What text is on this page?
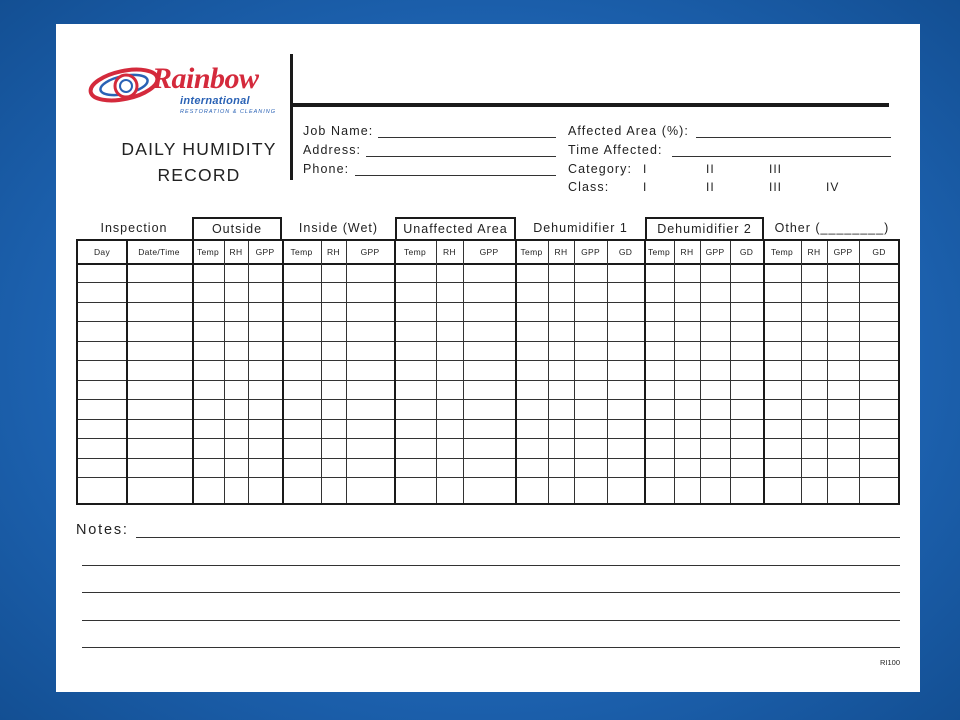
Rainbow
international
RESTORATION & CLEANING
DAILY HUMIDITY
RECORD
Job Name:
Address:
Phone:
Affected Area (%):
Time Affected:
Category: I	II	III
Class:	I	II	III	IV
Inspection	Outside	Inside (Wet)	Unaffected Area	Dehumidifier 1	Dehumidifier 2	Other (________)
Day	Date/Time	Temp	RH	GPP	Temp	RH	GPP	Temp	RH	GPP	Temp	RH	GPP	GD	Temp	RH	GPP	GD	Temp	RH	GPP	GD
Notes:
RI100
